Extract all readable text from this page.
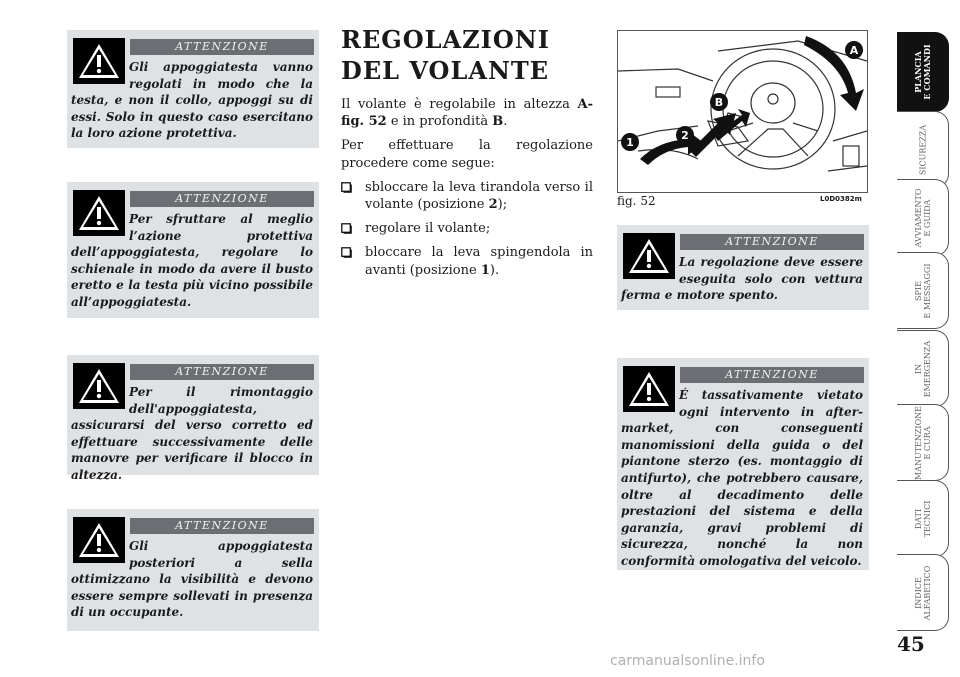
ATTENZIONE
Gli appoggiatesta vanno regolati in modo che la testa, e non il collo, appoggi su di essi. Solo in questo caso esercitano la loro azione protettiva.
ATTENZIONE
Per sfruttare al meglio l’azione protettiva dell’appoggiatesta, regolare lo schienale in modo da avere il busto eretto e la testa più vicino possibile all’appoggiatesta.
ATTENZIONE
Per il rimontaggio dell'appoggiatesta, assicurarsi del verso corretto ed effettuare successivamente delle manovre per verificare il blocco in altezza.
ATTENZIONE
Gli appoggiatesta posteriori a sella ottimizzano la visibilità e devono essere sempre sollevati in presenza di un occupante.
REGOLAZIONI
DEL VOLANTE

Il volante è regolabile in altezza A-fig. 52 e in profondità B.

Per effettuare la regolazione procedere come segue:

sbloccare la leva tirandola verso il volante (posizione 2);
regolare il volante;
bloccare la leva spingendola in avanti (posizione 1).
A
B
1
2
fig. 52	L0D0382m
ATTENZIONE
La regolazione deve essere eseguita solo con vettura ferma e motore spento.
ATTENZIONE
É tassativamente vietato ogni intervento in after-market, con conseguenti manomissioni della guida o del piantone sterzo (es. montaggio di antifurto), che potrebbero causare, oltre al decadimento delle prestazioni del sistema e della garanzia, gravi problemi di sicurezza, nonché la non conformità omologativa del veicolo.
PLANCIA
E COMANDI
SICUREZZA

AVVIAMENTO
E GUIDA
SPIE
E MESSAGGI
IN
EMERGENZA
MANUTENZIONE
E CURA
DATI
TECNICI
INDICE
ALFABETICO
45
carmanualsonline.info
